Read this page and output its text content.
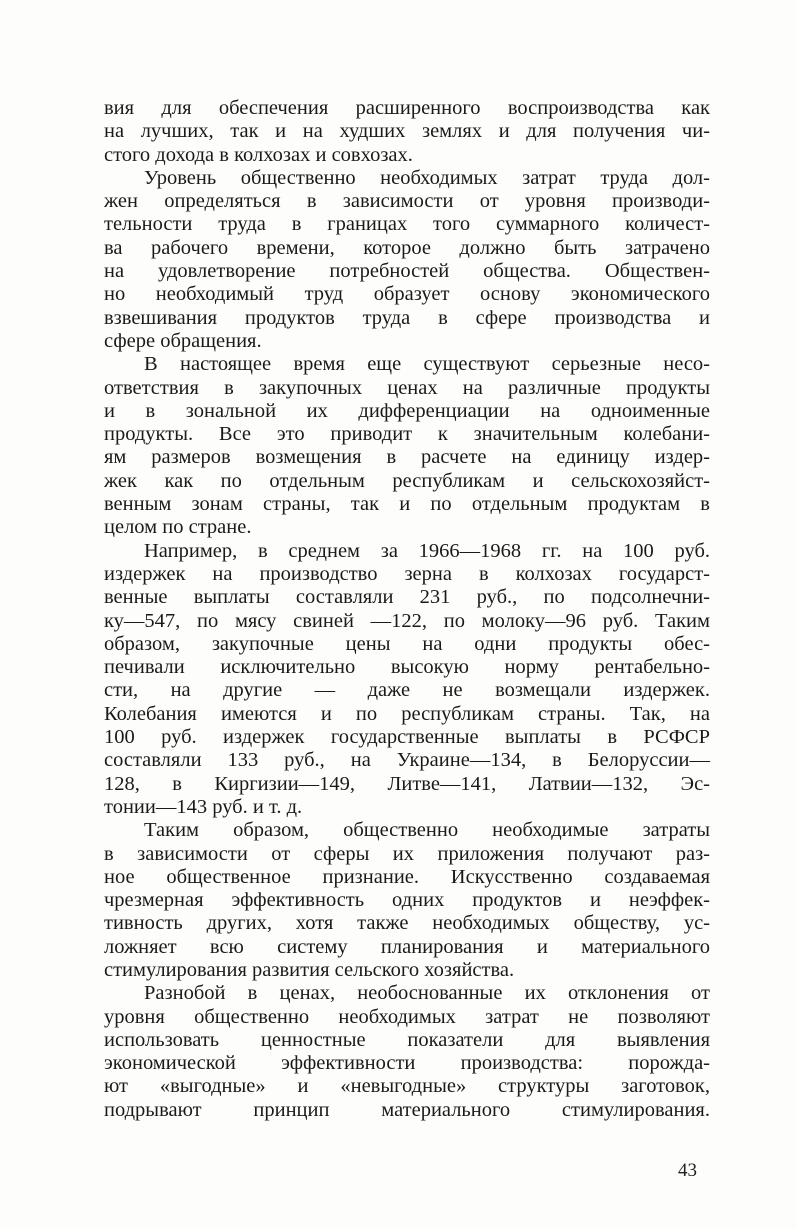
вия для обеспечения расширенного воспроизводства как
на лучших, так и на худших землях и для получения чи-
стого дохода в колхозах и совхозах.
Уровень общественно необходимых затрат труда дол-
жен определяться в зависимости от уровня производи-
тельности труда в границах того суммарного количест-
ва рабочего времени, которое должно быть затрачено
на удовлетворение потребностей общества. Обществен-
но необходимый труд образует основу экономического
взвешивания продуктов труда в сфере производства и
сфере обращения.
В настоящее время еще существуют серьезные несо-
ответствия в закупочных ценах на различные продукты
и в зональной их дифференциации на одноименные
продукты. Все это приводит к значительным колебани-
ям размеров возмещения в расчете на единицу издер-
жек как по отдельным республикам и сельскохозяйст-
венным зонам страны, так и по отдельным продуктам в
целом по стране.
Например, в среднем за 1966—1968 гг. на 100 руб.
издержек на производство зерна в колхозах государст-
венные выплаты составляли 231 руб., по подсолнечни-
ку—547, по мясу свиней —122, по молоку—96 руб. Таким
образом, закупочные цены на одни продукты обес-
печивали исключительно высокую норму рентабельно-
сти, на другие — даже не возмещали издержек.
Колебания имеются и по республикам страны. Так, на
100 руб. издержек государственные выплаты в РСФСР
составляли 133 руб., на Украине—134, в Белоруссии—
128, в Киргизии—149, Литве—141, Латвии—132, Эс-
тонии—143 руб. и т. д.
Таким образом, общественно необходимые затраты
в зависимости от сферы их приложения получают раз-
ное общественное признание. Искусственно создаваемая
чрезмерная эффективность одних продуктов и неэффек-
тивность других, хотя также необходимых обществу, ус-
ложняет всю систему планирования и материального
стимулирования развития сельского хозяйства.
Разнобой в ценах, необоснованные их отклонения от
уровня общественно необходимых затрат не позволяют
использовать ценностные показатели для выявления
экономической эффективности производства: порожда-
ют «выгодные» и «невыгодные» структуры заготовок,
подрывают принцип материального стимулирования.
43
